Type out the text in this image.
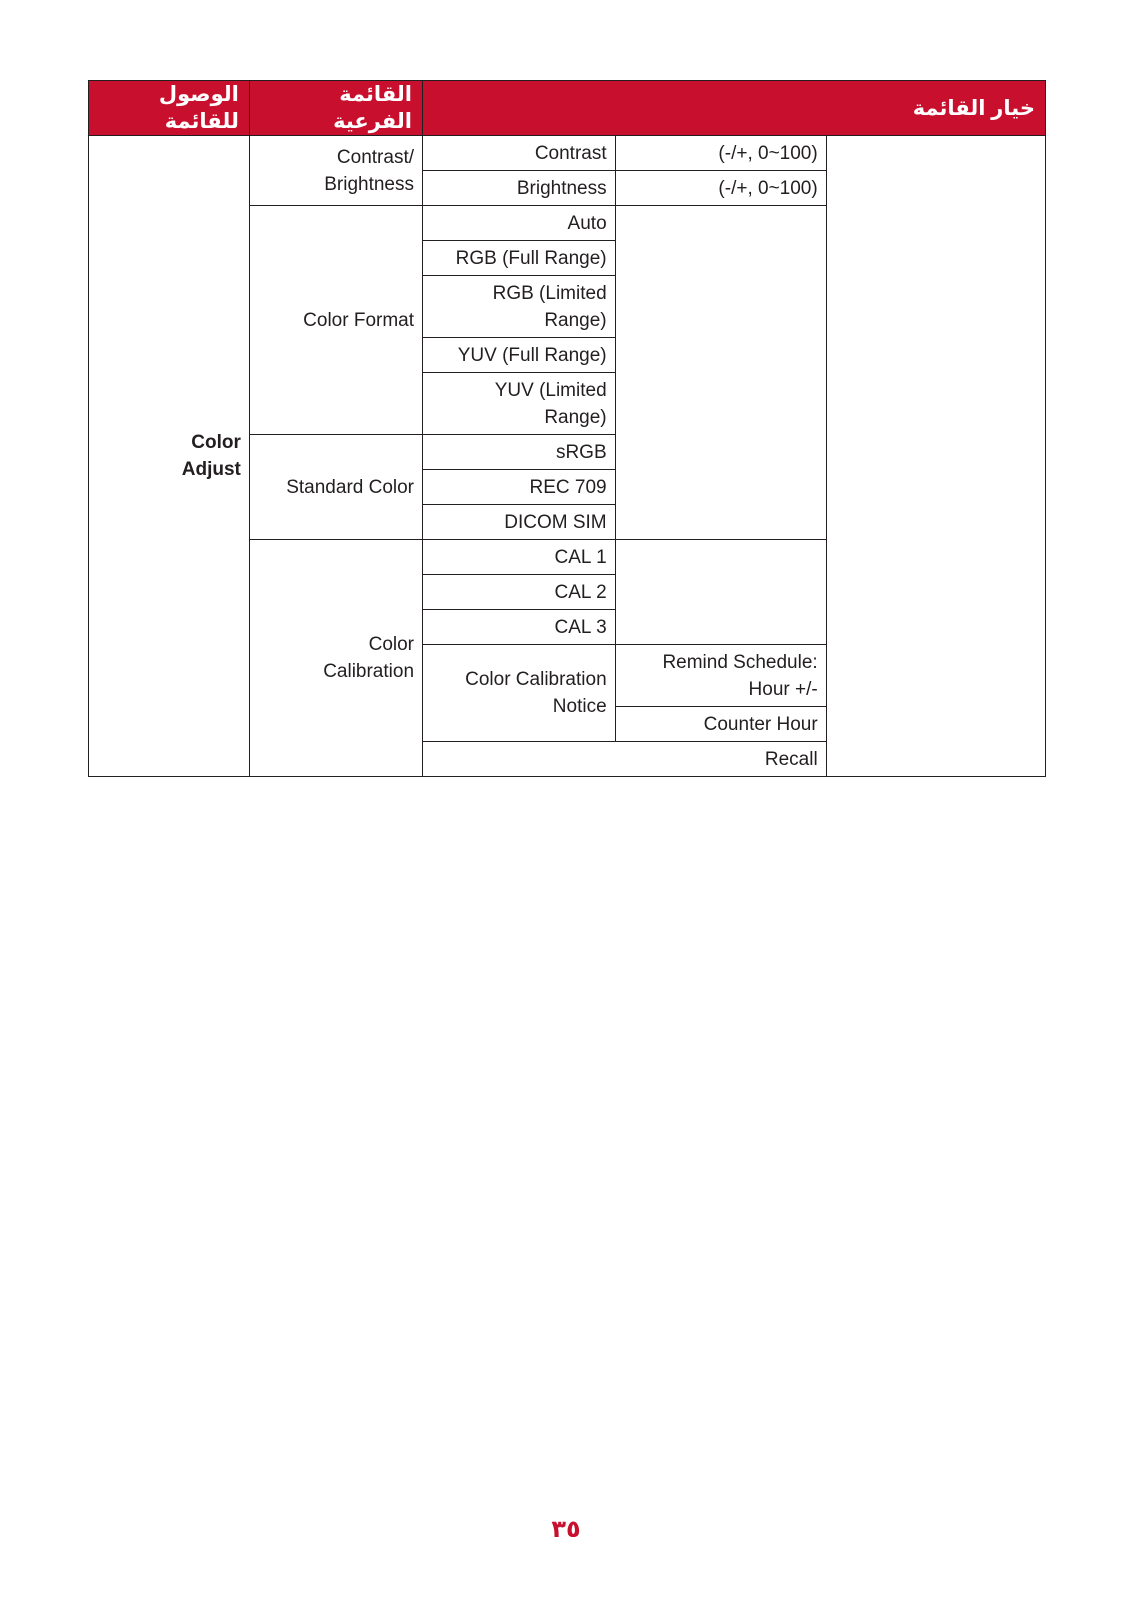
الوصول للقائمة	القائمة الفرعية	خيار القائمة		
Color
Adjust	Contrast/ Brightness	Contrast	(-/+, 0~100)	
		Brightness	(-/+, 0~100)	
	Color Format	Auto		
		RGB (Full Range)		
		RGB (Limited Range)		
		YUV (Full Range)		
		YUV (Limited Range)		
	Standard Color	sRGB		
		REC 709		
		DICOM SIM		
	Color Calibration	CAL 1		
		CAL 2		
		CAL 3		
		Color Calibration Notice	Remind Schedule: Hour +/-	
			Counter Hour	
		Recall		
٣٥
